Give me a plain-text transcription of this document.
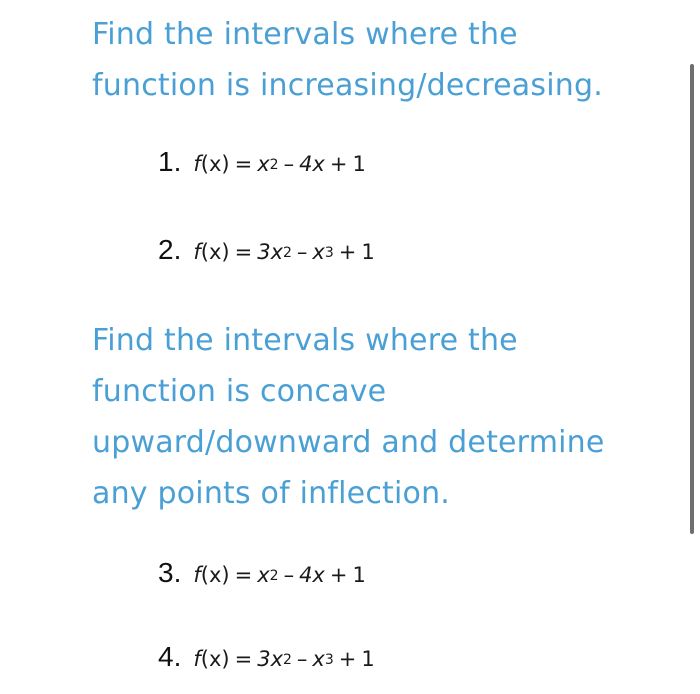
Find the intervals where the
function is increasing/decreasing.
1. f $(x) = x^2 - 4x + 1$
2. f $(x) = 3x^2 - x^3 + 1$
Find the intervals where the
function is concave
upward/downward and determine
any points of inflection.
3. f $(x) = x^2 - 4x + 1$
4. f $(x) = 3x^2 - x^3 + 1$
